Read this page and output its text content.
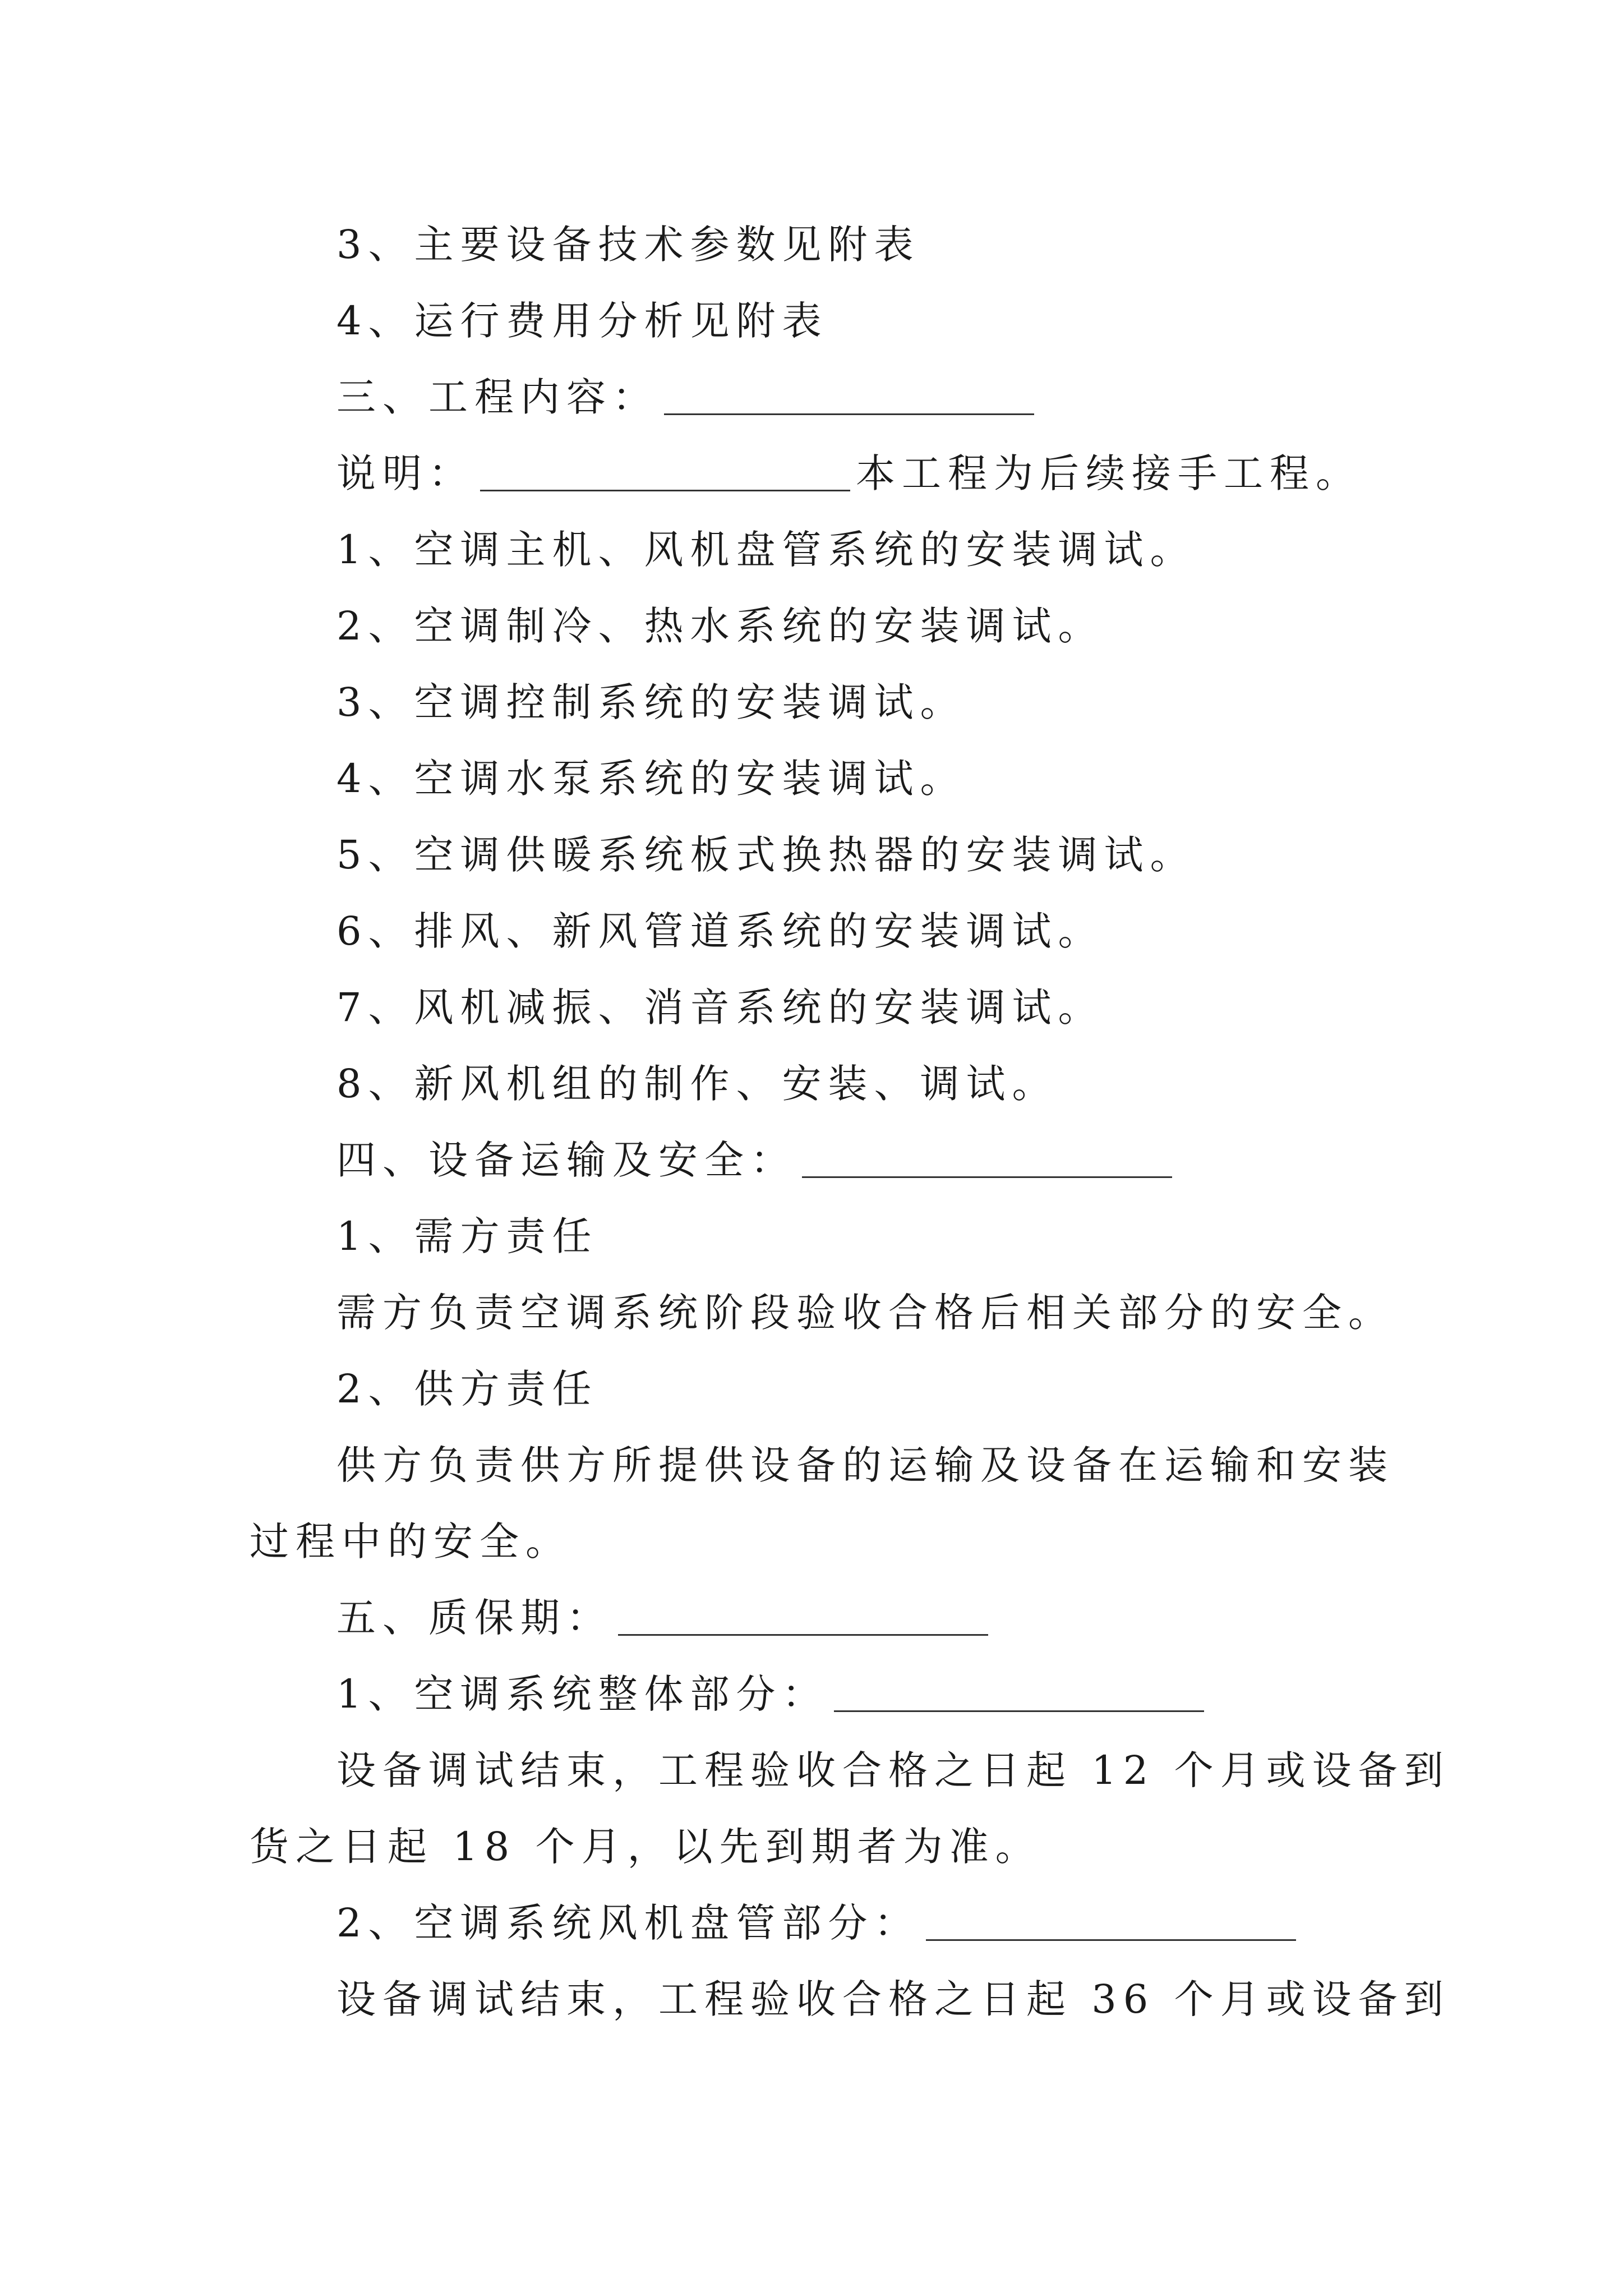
3、主要设备技术参数见附表
4、运行费用分析见附表
三、工程内容：
说明：	本工程为后续接手工程。
1、空调主机、风机盘管系统的安装调试。
2、空调制冷、热水系统的安装调试。
3、空调控制系统的安装调试。
4、空调水泵系统的安装调试。
5、空调供暖系统板式换热器的安装调试。
6、排风、新风管道系统的安装调试。
7、风机减振、消音系统的安装调试。
8、新风机组的制作、安装、调试。
四、设备运输及安全：
1、需方责任
需方负责空调系统阶段验收合格后相关部分的安全。
2、供方责任
供方负责供方所提供设备的运输及设备在运输和安装
过程中的安全。
五、质保期：
1、空调系统整体部分：
设备调试结束，工程验收合格之日起 12 个月或设备到
货之日起 18 个月，以先到期者为准。
2、空调系统风机盘管部分：
设备调试结束，工程验收合格之日起 36 个月或设备到
